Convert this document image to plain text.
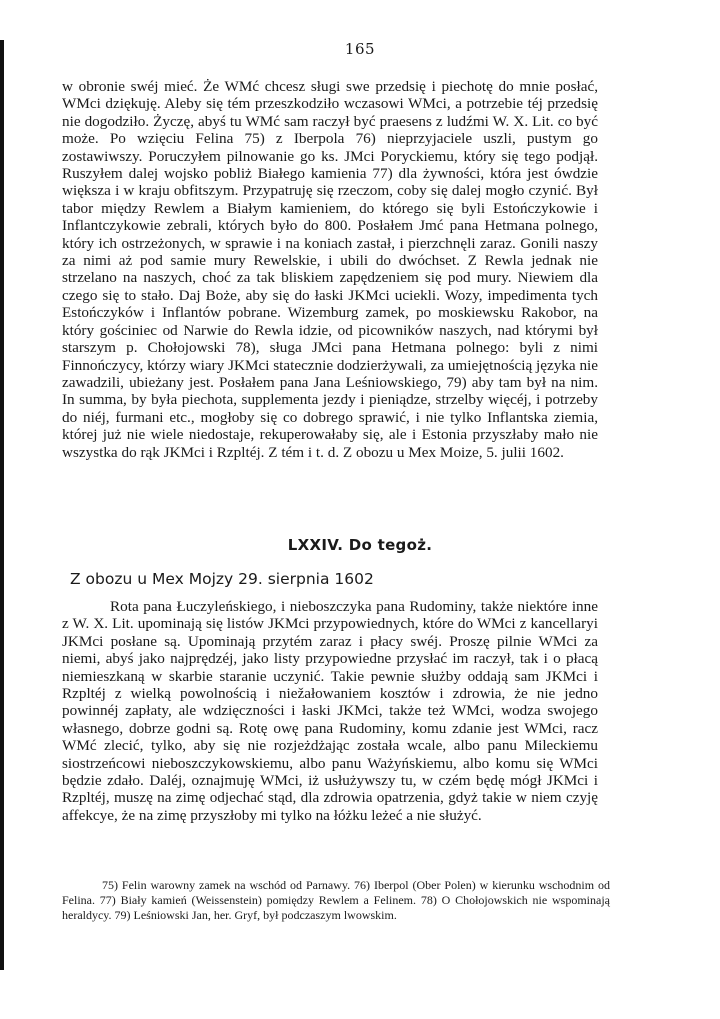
165

w obronie swéj mieć. Że WMć chcesz sługi swe przedsię i piechotę do mnie posłać, WMci dziękuję. Aleby się tém przeszkodziło wczasowi WMci, a potrzebie téj przedsię nie dogodziło. Życzę, abyś tu WMć sam raczył być praesens z ludźmi W. X. Lit. co być może. Po wzięciu Felina 75) z Iberpola 76) nieprzyjaciele uszli, pustym go zostawiwszy. Poruczyłem pilnowanie go ks. JMci Poryckiemu, który się tego podjął. Ruszyłem dalej wojsko pobliż Białego kamienia 77) dla żywności, która jest ówdzie większa i w kraju obfitszym. Przypatruję się rzeczom, coby się dalej mogło czynić. Był tabor między Rewlem a Białym kamieniem, do którego się byli Estończykowie i Inflantczykowie zebrali, których było do 800. Posłałem Jmć pana Hetmana polnego, który ich ostrzeżonych, w sprawie i na koniach zastał, i pierzchnęli zaraz. Gonili naszy za nimi aż pod samie mury Rewelskie, i ubili do dwóchset. Z Rewla jednak nie strzelano na naszych, choć za tak bliskiem zapędzeniem się pod mury. Niewiem dla czego się to stało. Daj Boże, aby się do łaski JKMci uciekli. Wozy, impedimenta tych Estończyków i Inflantów pobrane. Wizemburg zamek, po moskiewsku Rakobor, na który gościniec od Narwie do Rewla idzie, od picowników naszych, nad którymi był starszym p. Chołojowski 78), sługa JMci pana Hetmana polnego: byli z nimi Finnończycy, którzy wiary JKMci statecznie dodzierżywali, za umiejętnością języka nie zawadzili, ubieżany jest. Posłałem pana Jana Leśniowskiego, 79) aby tam był na nim. In summa, by była piechota, supplementa jezdy i pieniądze, strzelby więcéj, i potrzeby do niéj, furmani etc., mogłoby się co dobrego sprawić, i nie tylko Inflantska ziemia, której już nie wiele niedostaje, rekuperowałaby się, ale i Estonia przyszłaby mało nie wszystka do rąk JKMci i Rzpltéj. Z tém i t. d. Z obozu u Mex Moize, 5. julii 1602.

LXXIV. Do tegoż.
Z obozu u Mex Mojzy 29. sierpnia 1602

Rota pana Łuczyleńskiego, i nieboszczyka pana Rudominy, także niektóre inne z W. X. Lit. upominają się listów JKMci przypowiednych, które do WMci z kancellaryi JKMci posłane są. Upominają przytém zaraz i płacy swéj. Proszę pilnie WMci za niemi, abyś jako najprędzéj, jako listy przypowiedne przysłać im raczył, tak i o płacą niemieszkaną w skarbie staranie uczynić. Takie pewnie służby oddają sam JKMci i Rzpltéj z wielką powolnością i niežałowaniem kosztów i zdrowia, że nie jedno powinnéj zapłaty, ale wdzięczności i łaski JKMci, także też WMci, wodza swojego własnego, dobrze godni są. Rotę owę pana Rudominy, komu zdanie jest WMci, racz WMć zlecić, tylko, aby się nie rozjeżdżając została wcale, albo panu Mileckiemu siostrzeńcowi nieboszczykowskiemu, albo panu Ważyńskiemu, albo komu się WMci będzie zdało. Daléj, oznajmuję WMci, iż usłużywszy tu, w czém będę mógł JKMci i Rzpltéj, muszę na zimę odjechać stąd, dla zdrowia opatrzenia, gdyż takie w niem czyję affekcye, że na zimę przyszłoby mi tylko na łóżku leżeć a nie służyć.

75) Felin warowny zamek na wschód od Parnawy. 76) Iberpol (Ober Polen) w kierunku wschodnim od Felina. 77) Biały kamień (Weissenstein) pomiędzy Rewlem a Felinem. 78) O Chołojowskich nie wspominają heraldycy. 79) Leśniowski Jan, her. Gryf, był podczaszym lwowskim.
